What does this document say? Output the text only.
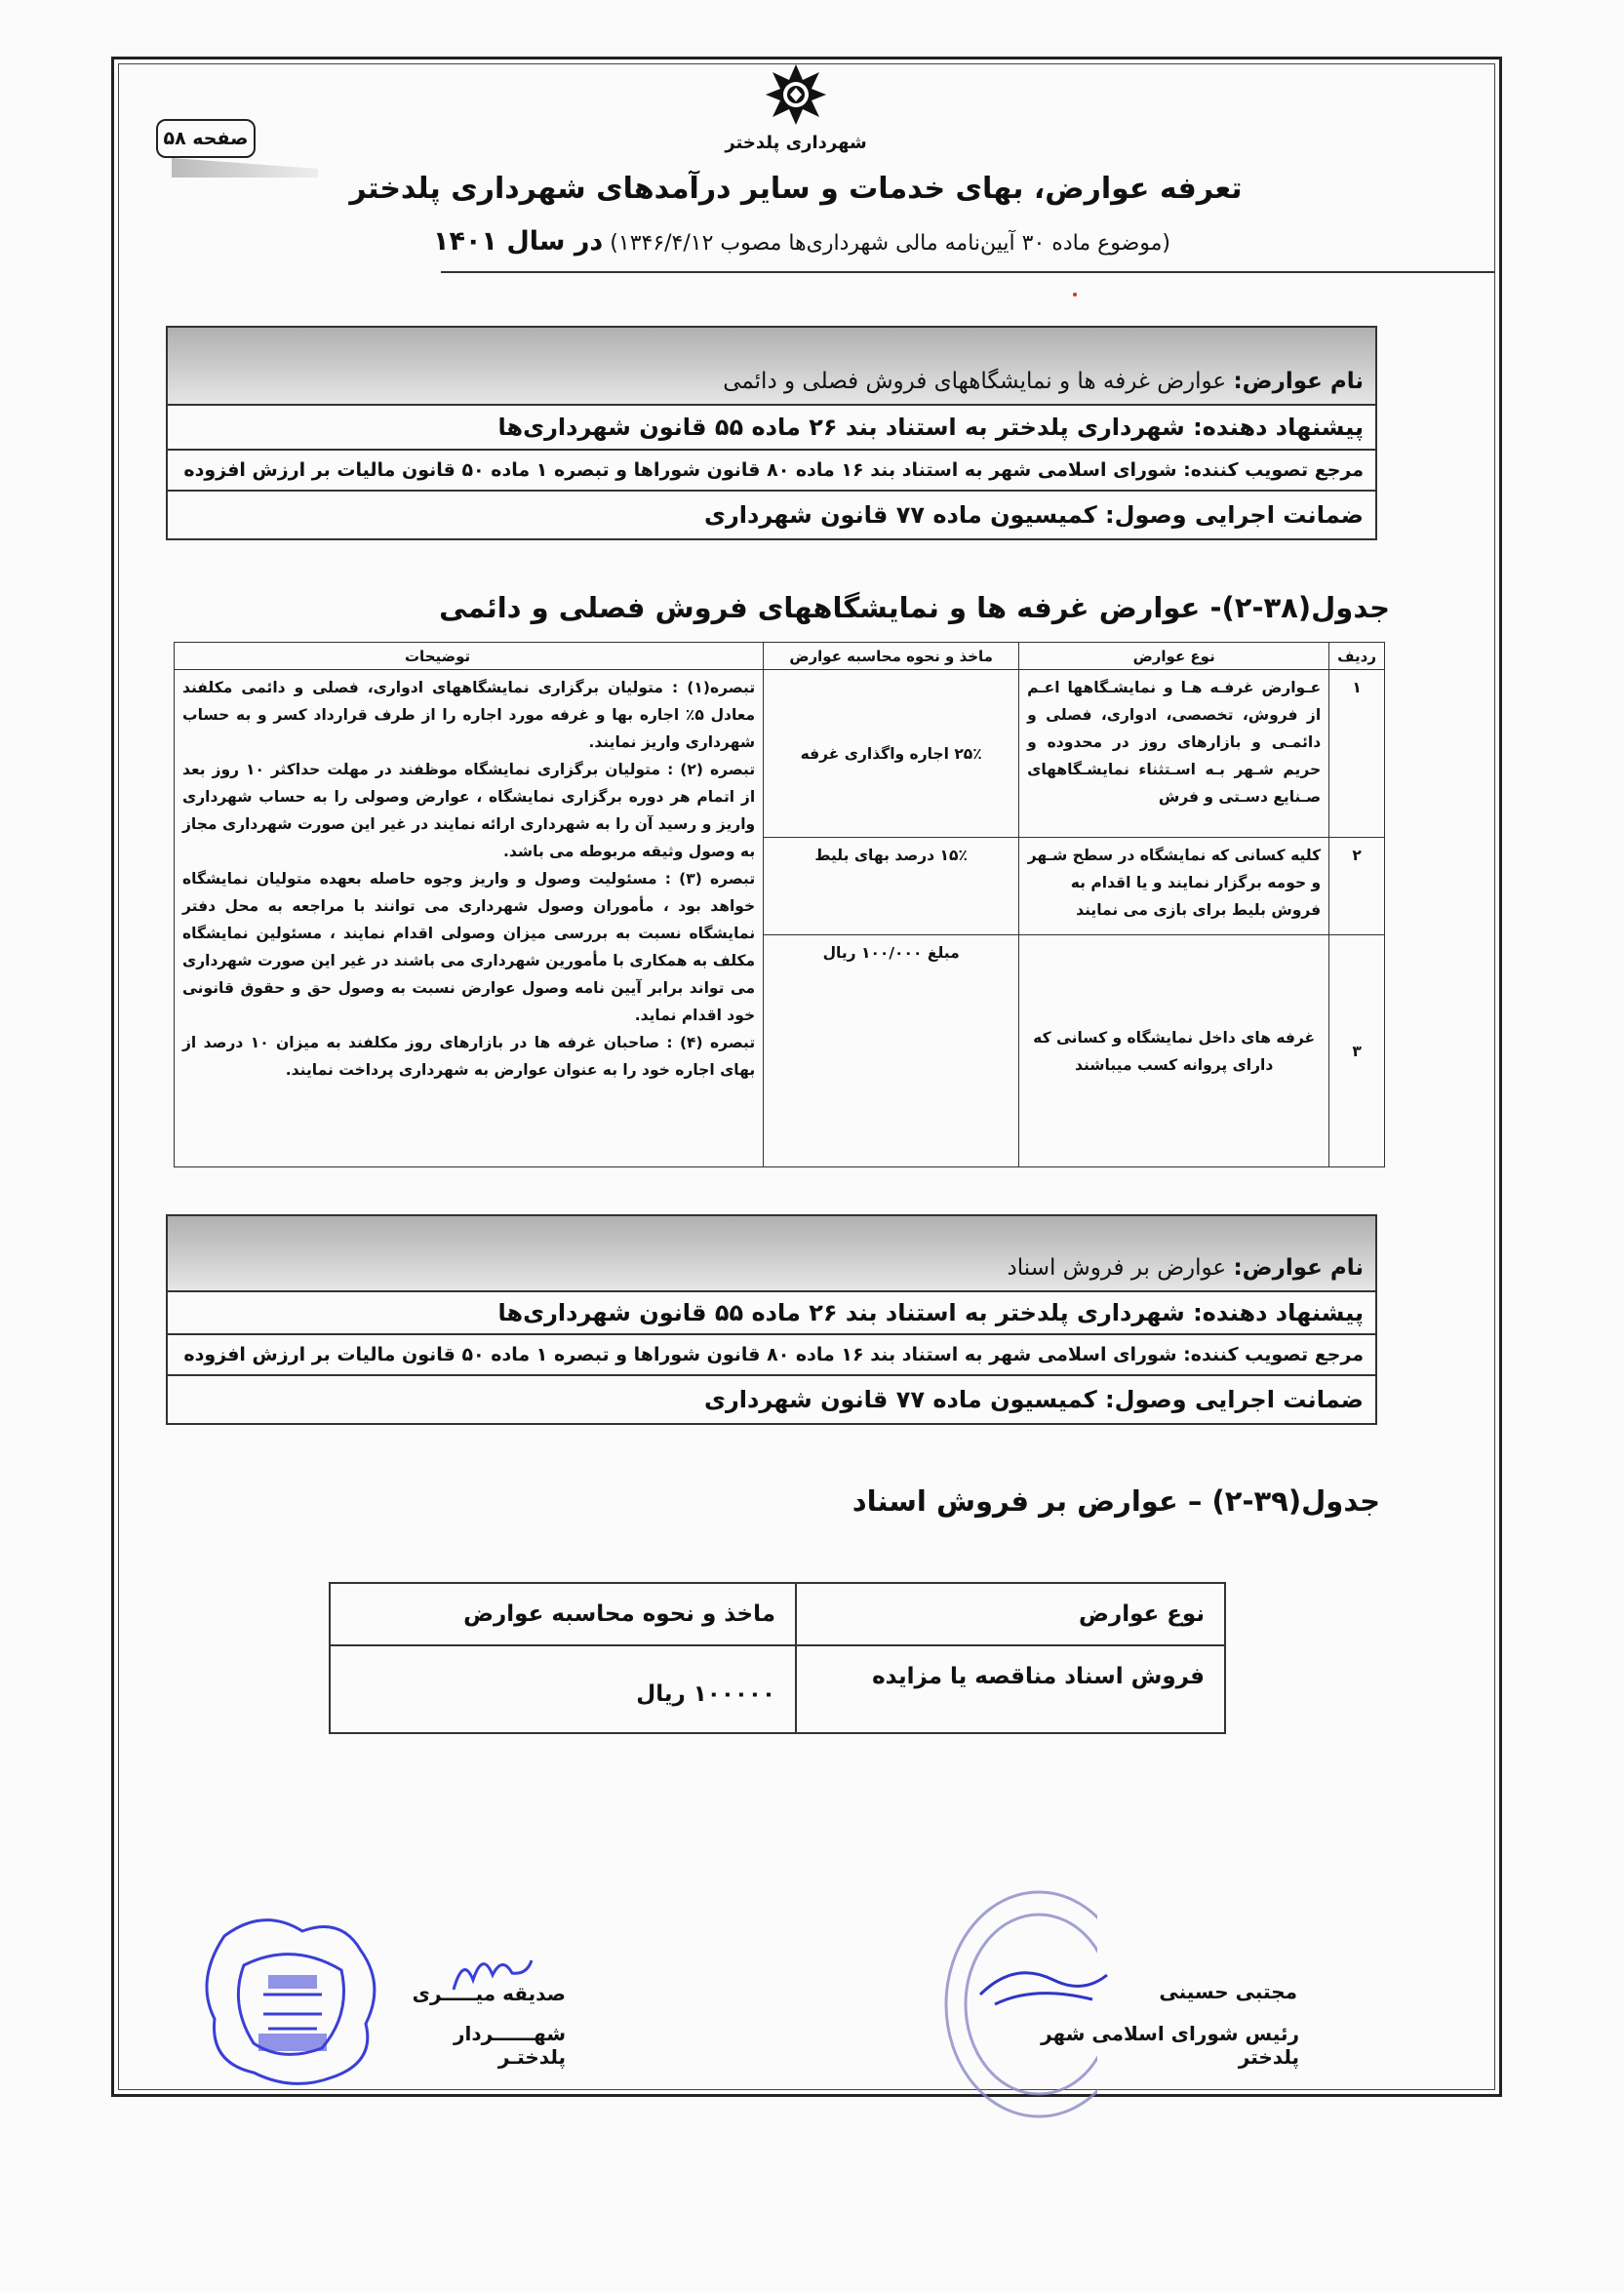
صفحه ۵۸	شهرداری پلدختر
تعرفه عوارض، بهای خدمات و سایر درآمدهای شهرداری پلدختر
(موضوع ماده ۳۰ آیین‌نامه مالی شهرداری‌ها مصوب ۱۳۴۶/۴/۱۲) در سال ۱۴۰۱
نام عوارض:

عوارض غرفه ها و نمایشگاههای فروش فصلی و دائمی
پیشنهاد دهنده: شهرداری پلدختر به استناد بند ۲۶ ماده ۵۵ قانون شهرداری‌ها
مرجع تصویب کننده: شورای اسلامی شهر به استناد بند ۱۶ ماده ۸۰ قانون شوراها و تبصره ۱ ماده ۵۰ قانون مالیات بر ارزش افزوده
ضمانت اجرایی وصول: کمیسیون ماده ۷۷ قانون شهرداری
جدول(۳۸-۲)- عوارض غرفه ها و نمایشگاههای فروش فصلی و دائمی
ردیف	نوع عوارض	ماخذ و نحوه محاسبه عوارض	توضیحات
۱	عـوارض غرفـه هـا و نمایشـگاهها اعـم از فروش، تخصصی، ادواری، فصلی و دائمـی و بازارهای روز در محدوده و حریم شـهر بـه اسـتثناء نمایشـگاههای صـنایع دسـتی و فرش	۲۵٪ اجاره واگذاری غرفه	تبصره(۱) : متولیان برگزاری نمایشگاههای ادواری، فصلی و دائمی مکلفند معادل ۵٪ اجاره بها و غرفه مورد اجاره را از طرف قرارداد کسر و به حساب شهرداری واریز نمایند.
تبصره (۲) : متولیان برگزاری نمایشگاه موظفند در مهلت حداکثر ۱۰ روز بعد از اتمام هر دوره برگزاری نمایشگاه ، عوارض وصولی را به حساب شهرداری واریز و رسید آن را به شهرداری ارائه نمایند در غیر این صورت شهرداری مجاز به وصول وثیقه مربوطه می باشد.
تبصره (۳) : مسئولیت وصول و واریز وجوه حاصله بعهده متولیان نمایشگاه خواهد بود ، مأموران وصول شهرداری می توانند با مراجعه به محل دفتر نمایشگاه نسبت به بررسی میزان وصولی اقدام نمایند ، مسئولین نمایشگاه مکلف به همکاری با مأمورین شهرداری می باشند در غیر این صورت شهرداری می تواند برابر آیین نامه وصول عوارض نسبت به وصول حق و حقوق قانونی خود اقدام نماید.
تبصره (۴) : صاحبان غرفه ها در بازارهای روز مکلفند به میزان ۱۰ درصد از بهای اجاره خود را به عنوان عوارض به شهرداری پرداخت نمایند.

۲	کلیه کسانی که نمایشگاه در سطح شـهر و حومه برگزار نمایند و یا اقدام به فروش بلیط برای بازی می نمایند	۱۵٪ درصد بهای بلیط	
۳	غرفه های داخل نمایشگاه و کسانی که دارای پروانه کسب میباشند	مبلغ ۱۰۰/۰۰۰ ریال	
نام عوارض:

عوارض بر فروش اسناد
پیشنهاد دهنده: شهرداری پلدختر به استناد بند ۲۶ ماده ۵۵ قانون شهرداری‌ها
مرجع تصویب کننده: شورای اسلامی شهر به استناد بند ۱۶ ماده ۸۰ قانون شوراها و تبصره ۱ ماده ۵۰ قانون مالیات بر ارزش افزوده
ضمانت اجرایی وصول: کمیسیون ماده ۷۷ قانون شهرداری
جدول(۳۹-۲) – عوارض بر فروش اسناد
نوع عوارض	ماخذ و نحوه محاسبه عوارض
فروش اسناد مناقصه یا مزایده	۱۰۰۰۰۰ ریال
صدیقه میـــــری
شهــــــردار پلدختـر
مجتبی حسینی
رئیس شورای اسلامی شهر پلدختر
